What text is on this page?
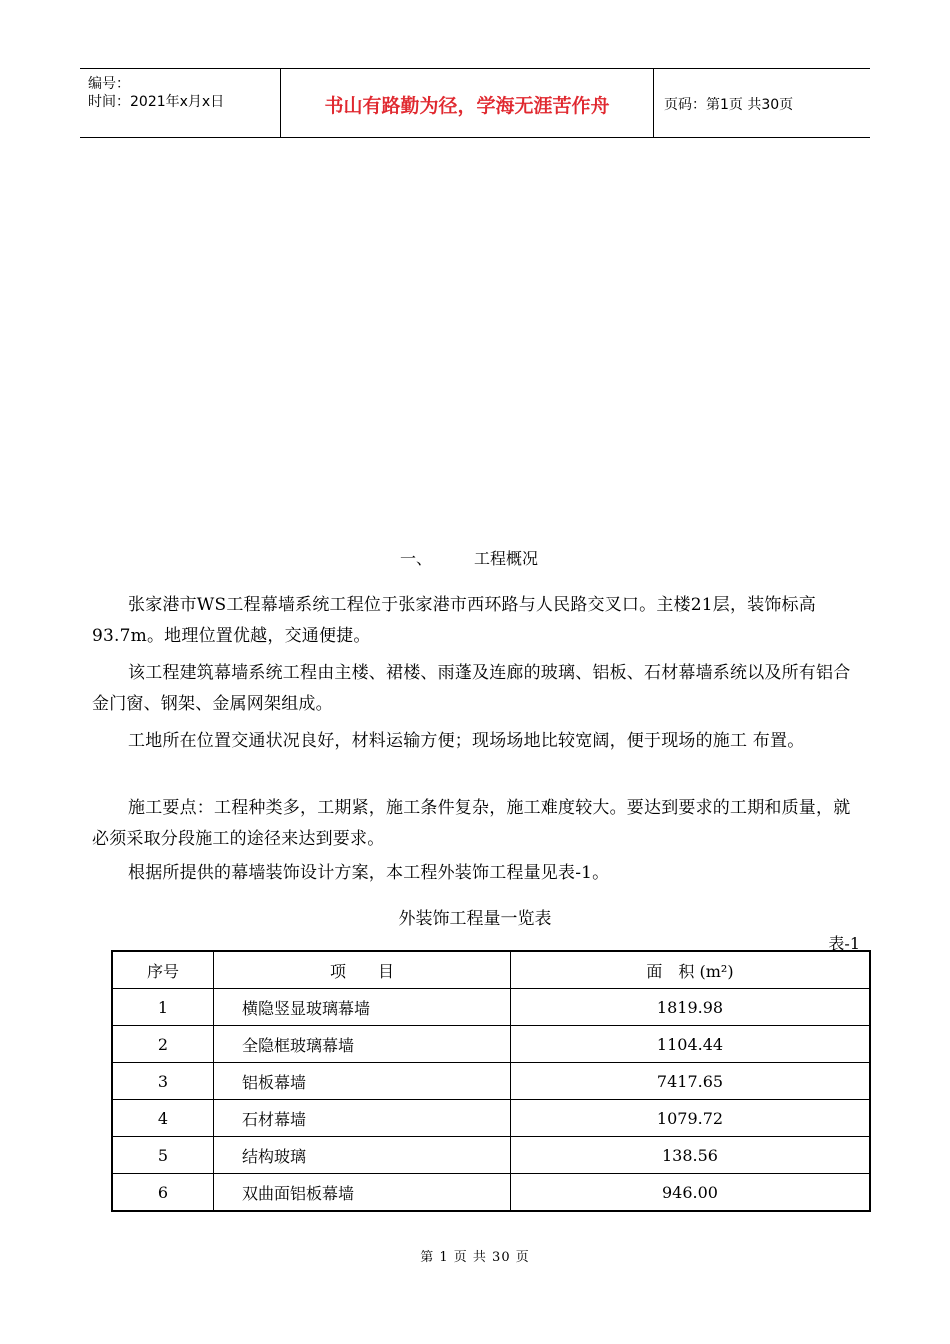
编号：
时间：2021年x月x日	书山有路勤为径，学海无涯苦作舟	页码：第1页 共30页
一、	工程概况

张家港市WS工程幕墙系统工程位于张家港市西环路与人民路交叉口。主楼21层，装饰标高93.7m。地理位置优越，交通便捷。

该工程建筑幕墙系统工程由主楼、裙楼、雨蓬及连廊的玻璃、铝板、石材幕墙系统以及所有铝合金门窗、钢架、金属网架组成。

工地所在位置交通状况良好，材料运输方便；现场场地比较宽阔，便于现场的施工 布置。

施工要点：工程种类多，工期紧，施工条件复杂，施工难度较大。要达到要求的工期和质量，就必须采取分段施工的途径来达到要求。

根据所提供的幕墙装饰设计方案，本工程外装饰工程量见表-1。

外装饰工程量一览表
表-1
序号	项　　目	面　积 (m²)
1	横隐竖显玻璃幕墙	1819.98
2	全隐框玻璃幕墙	1104.44
3	铝板幕墙	7417.65
4	石材幕墙	1079.72
5	结构玻璃	138.56
6	双曲面铝板幕墙	946.00
第 1 页 共 30 页
